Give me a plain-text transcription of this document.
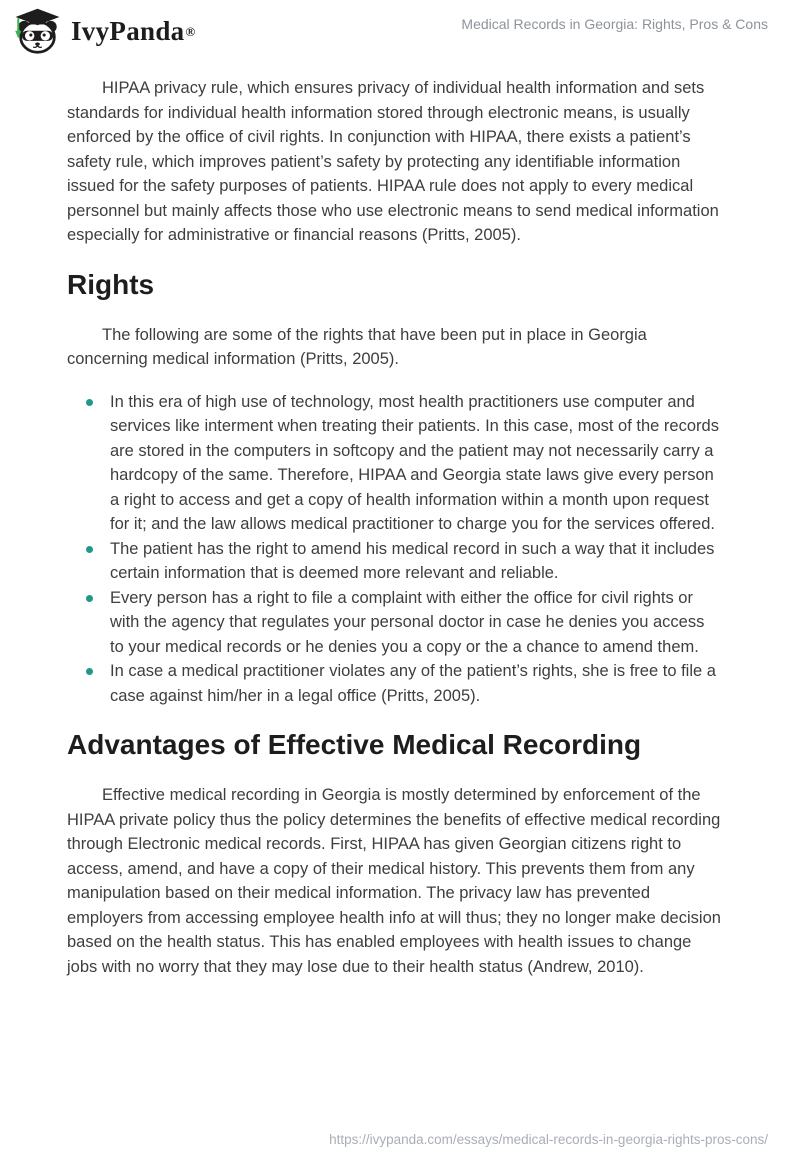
IvyPanda ®	Medical Records in Georgia: Rights, Pros & Cons

HIPAA privacy rule, which ensures privacy of individual health information and sets standards for individual health information stored through electronic means, is usually enforced by the office of civil rights. In conjunction with HIPAA, there exists a patient’s safety rule, which improves patient’s safety by protecting any identifiable information issued for the safety purposes of patients. HIPAA rule does not apply to every medical personnel but mainly affects those who use electronic means to send medical information especially for administrative or financial reasons (Pritts, 2005).

Rights

The following are some of the rights that have been put in place in Georgia concerning medical information (Pritts, 2005).

In this era of high use of technology, most health practitioners use computer and services like interment when treating their patients. In this case, most of the records are stored in the computers in softcopy and the patient may not necessarily carry a hardcopy of the same. Therefore, HIPAA and Georgia state laws give every person a right to access and get a copy of health information within a month upon request for it; and the law allows medical practitioner to charge you for the services offered.
The patient has the right to amend his medical record in such a way that it includes certain information that is deemed more relevant and reliable.
Every person has a right to file a complaint with either the office for civil rights or with the agency that regulates your personal doctor in case he denies you access to your medical records or he denies you a copy or the a chance to amend them.
In case a medical practitioner violates any of the patient’s rights, she is free to file a case against him/her in a legal office (Pritts, 2005).
Advantages of Effective Medical Recording

Effective medical recording in Georgia is mostly determined by enforcement of the HIPAA private policy thus the policy determines the benefits of effective medical recording through Electronic medical records. First, HIPAA has given Georgian citizens right to access, amend, and have a copy of their medical history. This prevents them from any manipulation based on their medical information. The privacy law has prevented employers from accessing employee health info at will thus; they no longer make decision based on the health status. This has enabled employees with health issues to change jobs with no worry that they may lose due to their health status (Andrew, 2010).

https://ivypanda.com/essays/medical-records-in-georgia-rights-pros-cons/
